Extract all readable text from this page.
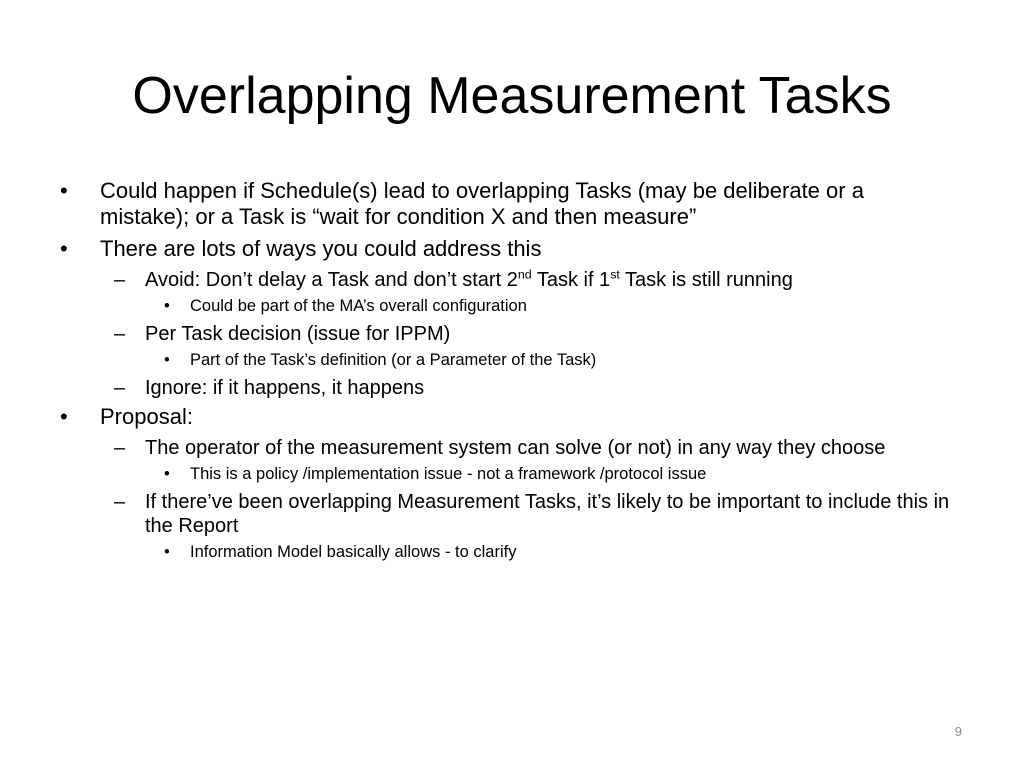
Overlapping Measurement Tasks
• Could happen if Schedule(s) lead to overlapping Tasks (may be deliberate or a mistake); or a Task is “wait for condition X and then measure”
• There are lots of ways you could address this
– Avoid: Don’t delay a Task and don’t start 2nd Task if 1st Task is still running
• Could be part of the MA’s overall configuration
– Per Task decision (issue for IPPM)
• Part of the Task’s definition (or a Parameter of the Task)
– Ignore: if it happens, it happens
• Proposal:
– The operator of the measurement system can solve (or not) in any way they choose
• This is a policy /implementation issue - not a framework /protocol issue
– If there’ve been overlapping Measurement Tasks, it’s likely to be important to include this in the Report
• Information Model basically allows - to clarify
9
